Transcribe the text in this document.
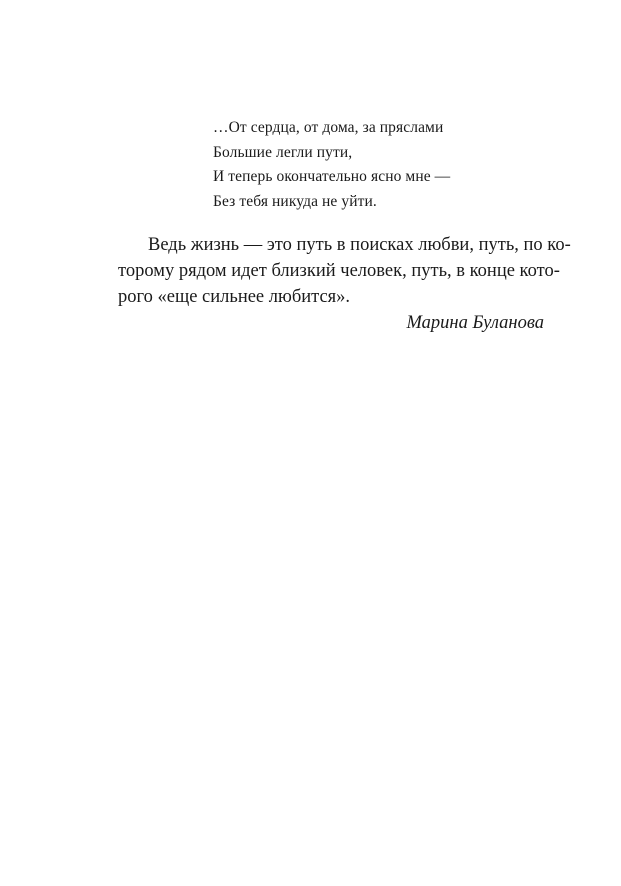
…От сердца, от дома, за пряслами
Большие легли пути,
И теперь окончательно ясно мне —
Без тебя никуда не уйти.
Ведь жизнь — это путь в поисках любви, путь, по ко-
торому рядом идет близкий человек, путь, в конце кото-
рого «еще сильнее любится».
Марина Буланова
